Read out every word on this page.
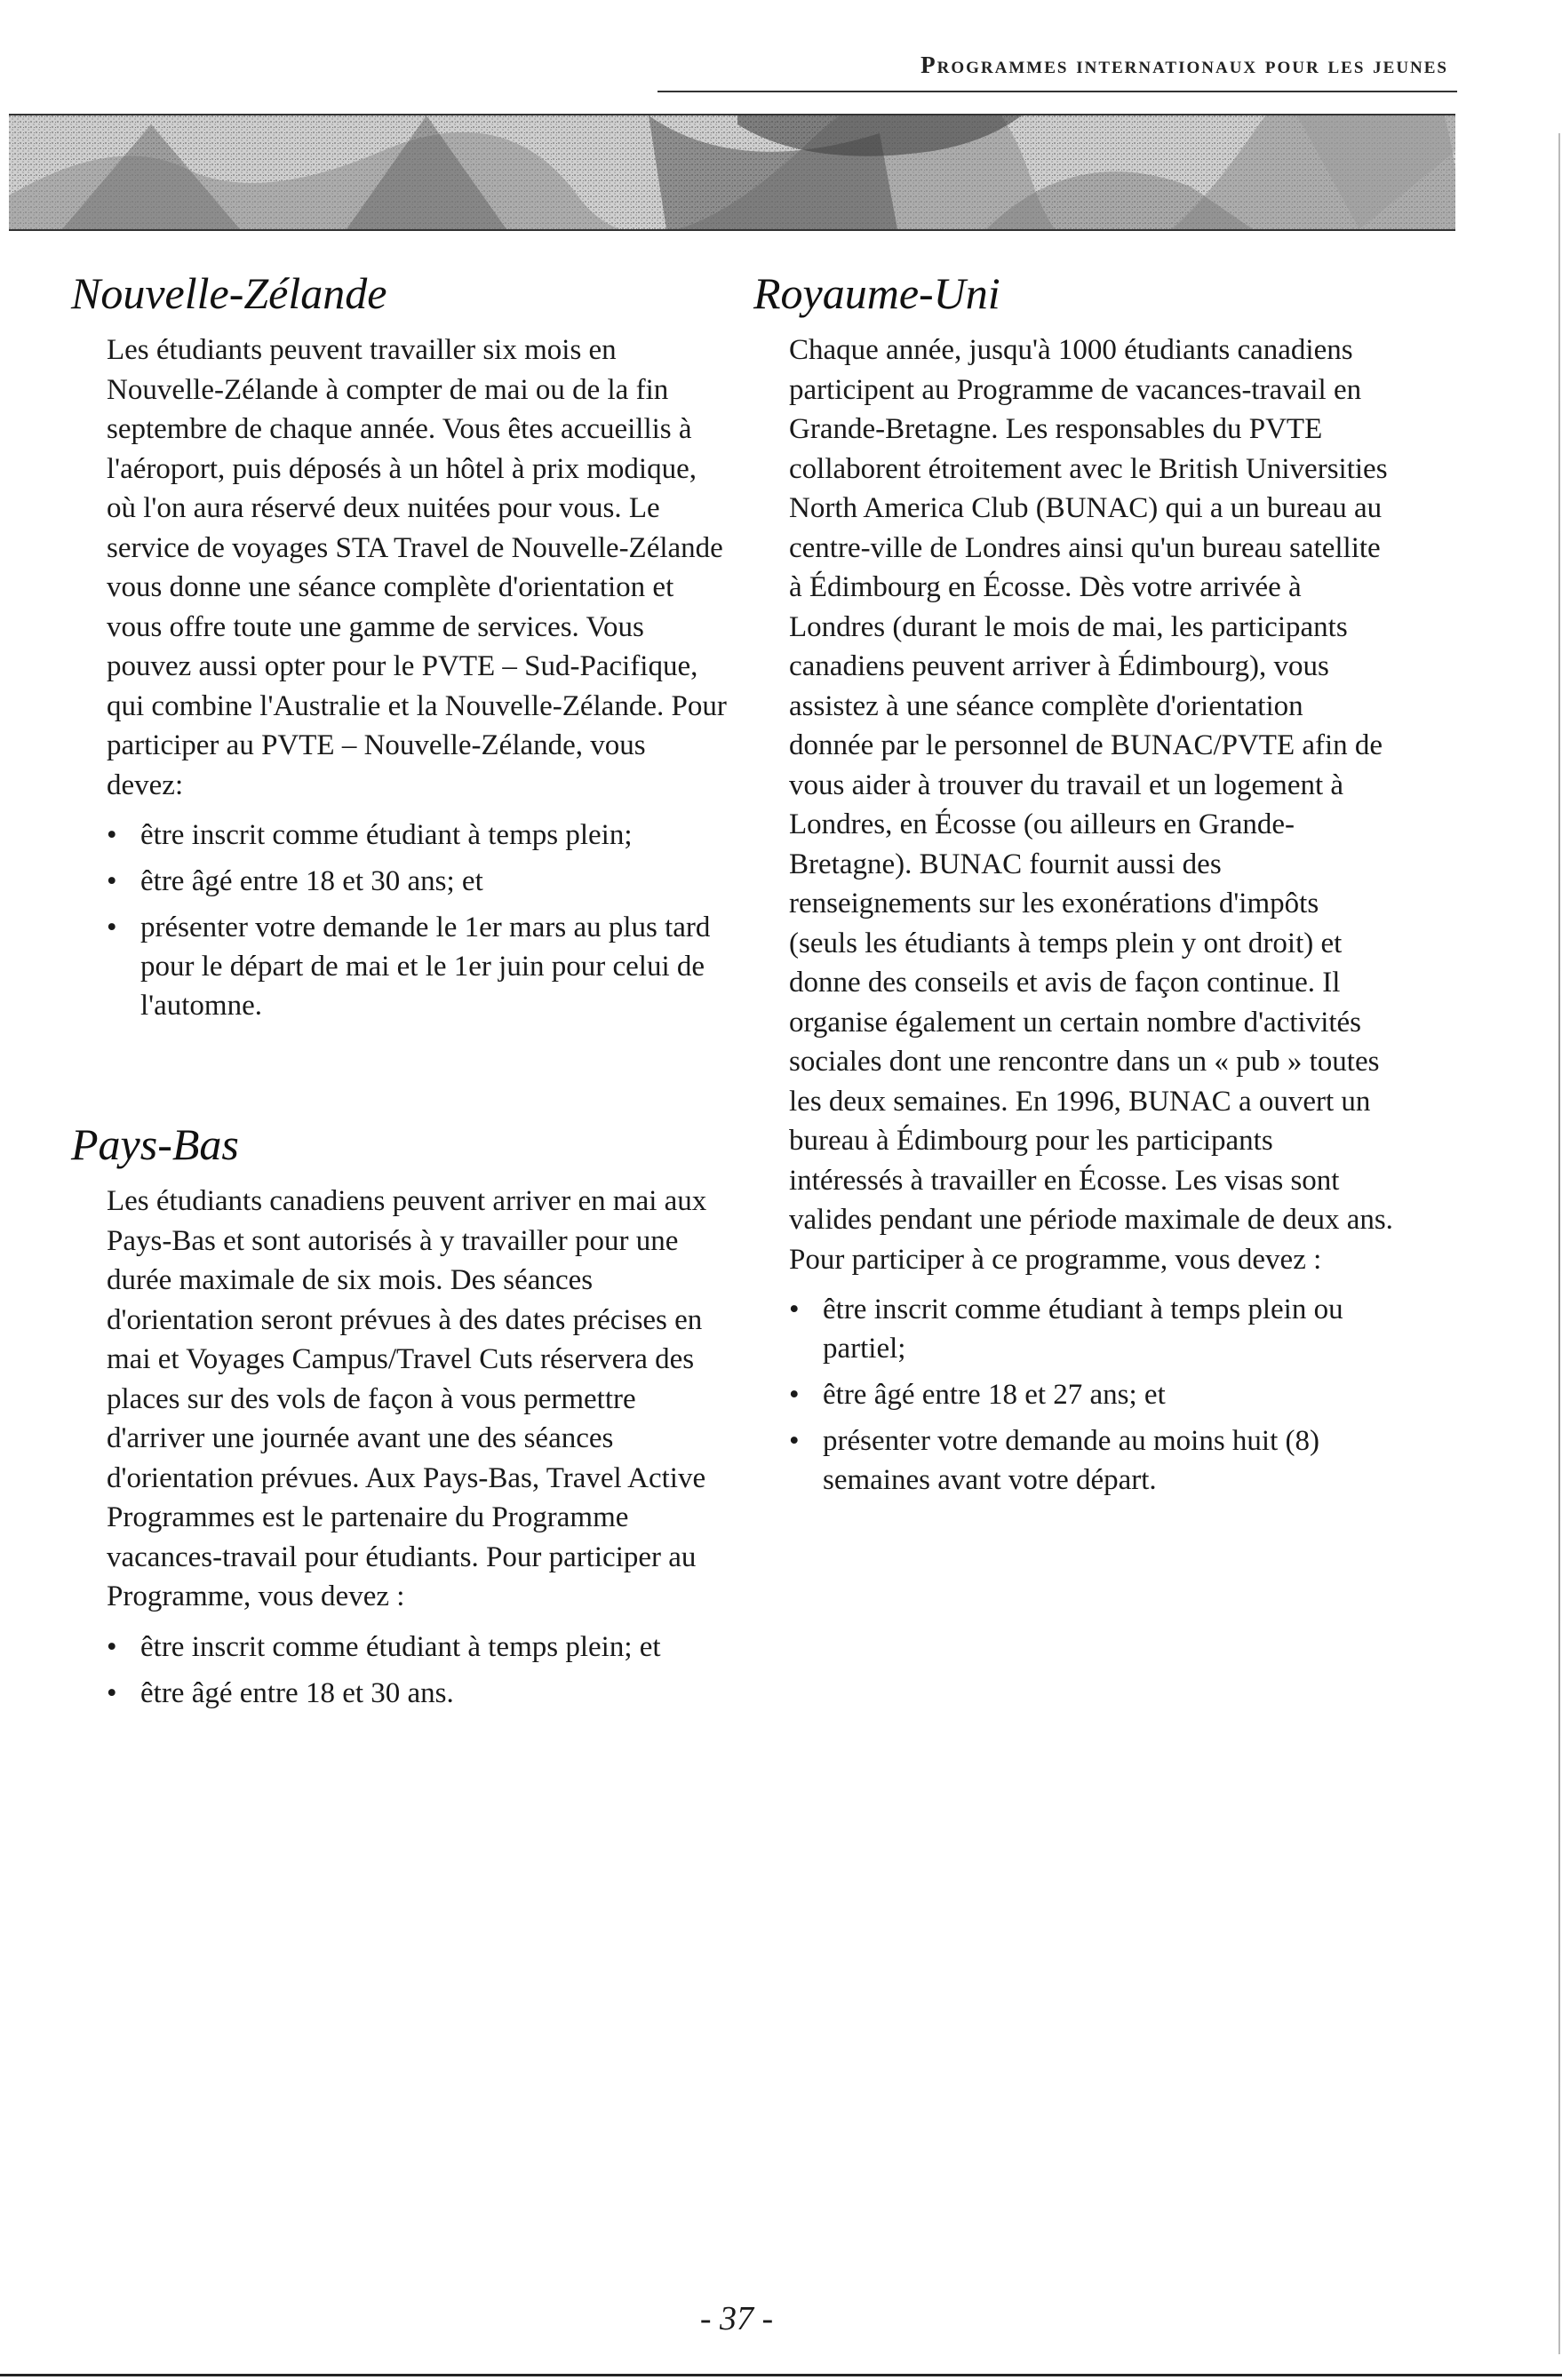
Programmes internationaux pour les jeunes
Nouvelle-Zélande

Les étudiants peuvent travailler six mois en Nouvelle-Zélande à compter de mai ou de la fin septembre de chaque année. Vous êtes accueillis à l'aéroport, puis déposés à un hôtel à prix modique, où l'on aura réservé deux nuitées pour vous. Le service de voyages STA Travel de Nouvelle-Zélande vous donne une séance complète d'orientation et vous offre toute une gamme de services. Vous pouvez aussi opter pour le PVTE – Sud-Pacifique, qui combine l'Australie et la Nouvelle-Zélande. Pour participer au PVTE – Nouvelle-Zélande, vous devez:

• être inscrit comme étudiant à temps plein;
• être âgé entre 18 et 30 ans; et
• présenter votre demande le 1er mars au plus tard pour le départ de mai et le 1er juin pour celui de l'automne.
Pays-Bas

Les étudiants canadiens peuvent arriver en mai aux Pays-Bas et sont autorisés à y travailler pour une durée maximale de six mois. Des séances d'orientation seront prévues à des dates précises en mai et Voyages Campus/Travel Cuts réservera des places sur des vols de façon à vous permettre d'arriver une journée avant une des séances d'orientation prévues. Aux Pays-Bas, Travel Active Programmes est le partenaire du Programme vacances-travail pour étudiants. Pour participer au Programme, vous devez :

• être inscrit comme étudiant à temps plein; et
• être âgé entre 18 et 30 ans.
Royaume-Uni

Chaque année, jusqu'à 1000 étudiants canadiens participent au Programme de vacances-travail en Grande-Bretagne. Les responsables du PVTE collaborent étroitement avec le British Universities North America Club (BUNAC) qui a un bureau au centre-ville de Londres ainsi qu'un bureau satellite à Édimbourg en Écosse. Dès votre arrivée à Londres (durant le mois de mai, les participants canadiens peuvent arriver à Édimbourg), vous assistez à une séance complète d'orientation donnée par le personnel de BUNAC/PVTE afin de vous aider à trouver du travail et un logement à Londres, en Écosse (ou ailleurs en Grande-Bretagne). BUNAC fournit aussi des renseignements sur les exonérations d'impôts (seuls les étudiants à temps plein y ont droit) et donne des conseils et avis de façon continue. Il organise également un certain nombre d'activités sociales dont une rencontre dans un « pub » toutes les deux semaines. En 1996, BUNAC a ouvert un bureau à Édimbourg pour les participants intéressés à travailler en Écosse. Les visas sont valides pendant une période maximale de deux ans. Pour participer à ce programme, vous devez :

• être inscrit comme étudiant à temps plein ou partiel;
• être âgé entre 18 et 27 ans; et
• présenter votre demande au moins huit (8) semaines avant votre départ.
- 37 -
